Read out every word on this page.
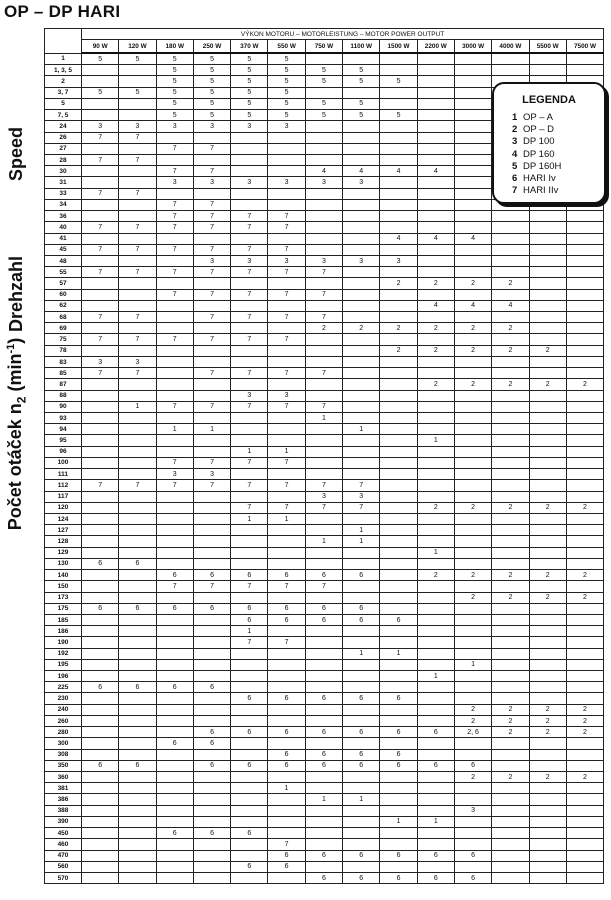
OP – DP HARI
Speed
Drehzahl
Počet otáček $n_2$ $(\min^{-1})$
	VÝKON MOTORU – MOTORLEISTUNG – MOTOR POWER OUTPUT													
	90 W	120 W	180 W	250 W	370 W	550 W	750 W	1100 W	1500 W	2200 W	3000 W	4000 W	5500 W	7500 W
1	5	5	5	5	5	5								
1, 3, 5			5	5	5	5	5	5						
2			5	5	5	5	5	5	5					
3, 7	5	5	5	5	5	5								
5			5	5	5	5	5	5						
7, 5			5	5	5	5	5	5	5					
24	3	3	3	3	3	3								
26	7	7												
27			7	7										
28	7	7												
30			7	7			4	4	4	4				
31			3	3	3	3	3	3						
33	7	7												
34			7	7										
36			7	7	7	7								
40	7	7	7	7	7	7								
41									4	4	4			
45	7	7	7	7	7	7								
48				3	3	3	3	3	3					
55	7	7	7	7	7	7	7							
57									2	2	2	2		
60			7	7	7	7	7							
62										4	4	4		
68	7	7		7	7	7	7							
69							2	2	2	2	2	2		
75	7	7	7	7	7	7								
78									2	2	2	2	2	
83	3	3												
85	7	7		7	7	7	7							
87										2	2	2	2	2
88					3	3								
90		1	7	7	7	7	7							
93							1							
94			1	1				1						
95										1				
96					1	1								
100			7	7	7	7								
111			3	3										
112	7	7	7	7	7	7	7	7						
117							3	3						
120					7	7	7	7		2	2	2	2	2
124					1	1								
127								1						
128							1	1						
129										1				
130	6	6												
140			6	6	6	6	6	6		2	2	2	2	2
150			7	7	7	7	7							
173											2	2	2	2
175	6	6	6	6	6	6	6	6						
185					6	6	6	6	6					
186					1									
190					7	7								
192								1	1					
195											1			
196										1				
225	6	6	6	6										
230					6	6	6	6	6					
240											2	2	2	2
260											2	2	2	2
280				6	6	6	6	6	6	6	2, 6	2	2	2
300			6	6										
308						6	6	6	6					
350	6	6		6	6	6	6	6	6	6	6			
360											2	2	2	2
381						1								
386							1	1						
388											3			
390									1	1				
450			6	6	6									
460						7								
470						6	6	6	6	6	6			
560					6	6								
570							6	6	6	6	6			
LEGENDA
1 OP – A
2 OP – D
3 DP 100
4 DP 160
5 DP 160H
6 HARI Iv
7 HARI IIv
